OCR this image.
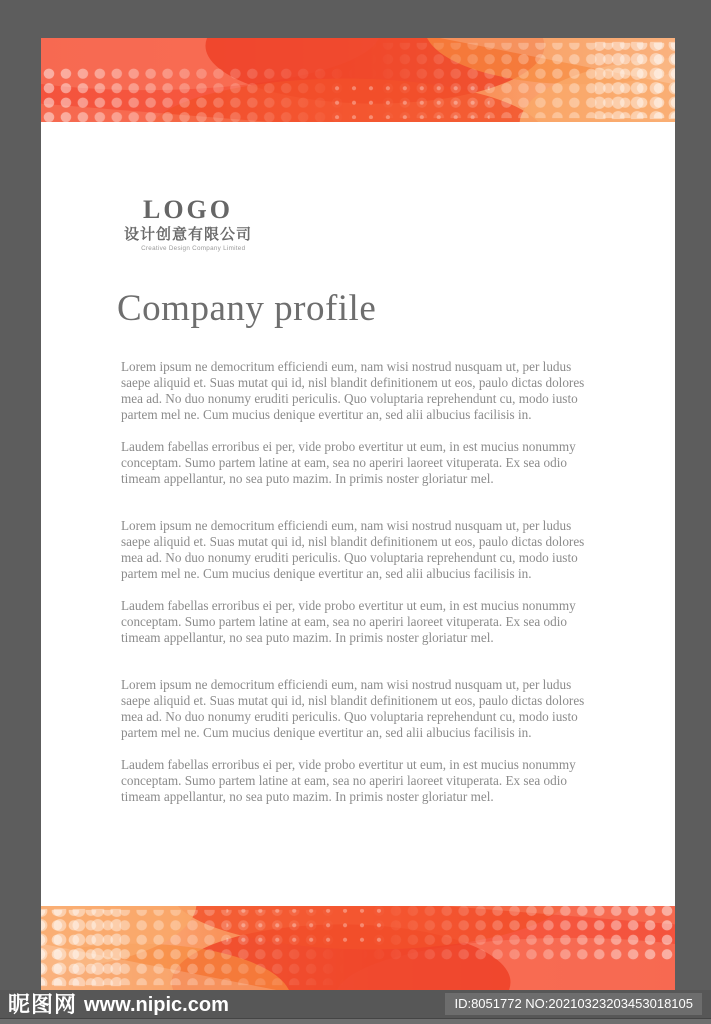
LOGO
设计创意有限公司
Creative Design Company Limited
Company profile

Lorem ipsum ne democritum efficiendi eum, nam wisi nostrud nusquam ut, per ludus saepe aliquid et. Suas mutat qui id, nisl blandit definitionem ut eos, paulo dictas dolores mea ad. No duo nonumy eruditi periculis. Quo voluptaria reprehendunt cu, modo iusto partem mel ne. Cum mucius denique evertitur an, sed alii albucius facilisis in.

Laudem fabellas erroribus ei per, vide probo evertitur ut eum, in est mucius nonummy conceptam. Sumo partem latine at eam, sea no aperiri laoreet vituperata. Ex sea odio timeam appellantur, no sea puto mazim. In primis noster gloriatur mel.

Lorem ipsum ne democritum efficiendi eum, nam wisi nostrud nusquam ut, per ludus saepe aliquid et. Suas mutat qui id, nisl blandit definitionem ut eos, paulo dictas dolores mea ad. No duo nonumy eruditi periculis. Quo voluptaria reprehendunt cu, modo iusto partem mel ne. Cum mucius denique evertitur an, sed alii albucius facilisis in.

Laudem fabellas erroribus ei per, vide probo evertitur ut eum, in est mucius nonummy conceptam. Sumo partem latine at eam, sea no aperiri laoreet vituperata. Ex sea odio timeam appellantur, no sea puto mazim. In primis noster gloriatur mel.

Lorem ipsum ne democritum efficiendi eum, nam wisi nostrud nusquam ut, per ludus saepe aliquid et. Suas mutat qui id, nisl blandit definitionem ut eos, paulo dictas dolores mea ad. No duo nonumy eruditi periculis. Quo voluptaria reprehendunt cu, modo iusto partem mel ne. Cum mucius denique evertitur an, sed alii albucius facilisis in.

Laudem fabellas erroribus ei per, vide probo evertitur ut eum, in est mucius nonummy conceptam. Sumo partem latine at eam, sea no aperiri laoreet vituperata. Ex sea odio timeam appellantur, no sea puto mazim. In primis noster gloriatur mel.

昵图网 www.nipic.com	ID:8051772 NO:20210323203453018105
